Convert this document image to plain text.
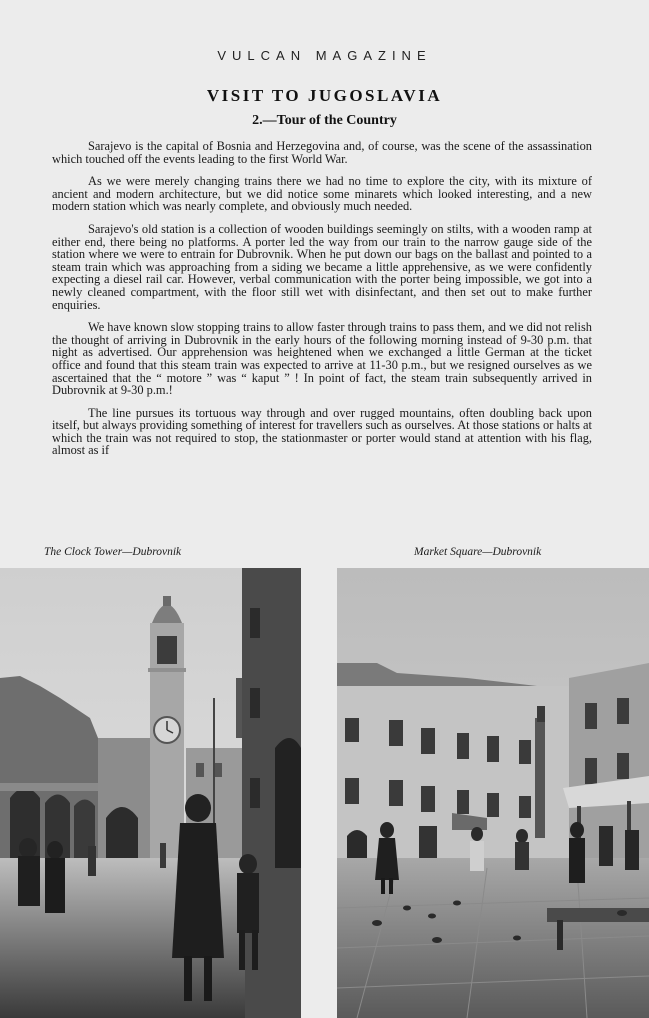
VULCAN MAGAZINE
VISIT TO JUGOSLAVIA
2.—Tour of the Country

Sarajevo is the capital of Bosnia and Herzegovina and, of course, was the scene of the assassination which touched off the events leading to the first World War.

As we were merely changing trains there we had no time to explore the city, with its mixture of ancient and modern architecture, but we did notice some minarets which looked interesting, and a new modern station which was nearly complete, and obviously much needed.

Sarajevo's old station is a collection of wooden buildings seemingly on stilts, with a wooden ramp at either end, there being no platforms. A porter led the way from our train to the narrow gauge side of the station where we were to entrain for Dubrovnik. When he put down our bags on the ballast and pointed to a steam train which was approaching from a siding we became a little apprehensive, as we were confidently expecting a diesel rail car. However, verbal communication with the porter being impossible, we got into a newly cleaned compartment, with the floor still wet with disinfectant, and then set out to make further enquiries.

We have known slow stopping trains to allow faster through trains to pass them, and we did not relish the thought of arriving in Dubrovnik in the early hours of the following morning instead of 9-30 p.m. that night as advertised. Our apprehension was heightened when we exchanged a little German at the ticket office and found that this steam train was expected to arrive at 11-30 p.m., but we resigned ourselves as we ascertained that the “ motore ” was “ kaput ” ! In point of fact, the steam train subsequently arrived in Dubrovnik at 9-30 p.m.!

The line pursues its tortuous way through and over rugged mountains, often doubling back upon itself, but always providing something of interest for travellers such as ourselves. At those stations or halts at which the train was not required to stop, the stationmaster or porter would stand at attention with his flag, almost as if

The Clock Tower—Dubrovnik	Market Square—Dubrovnik
